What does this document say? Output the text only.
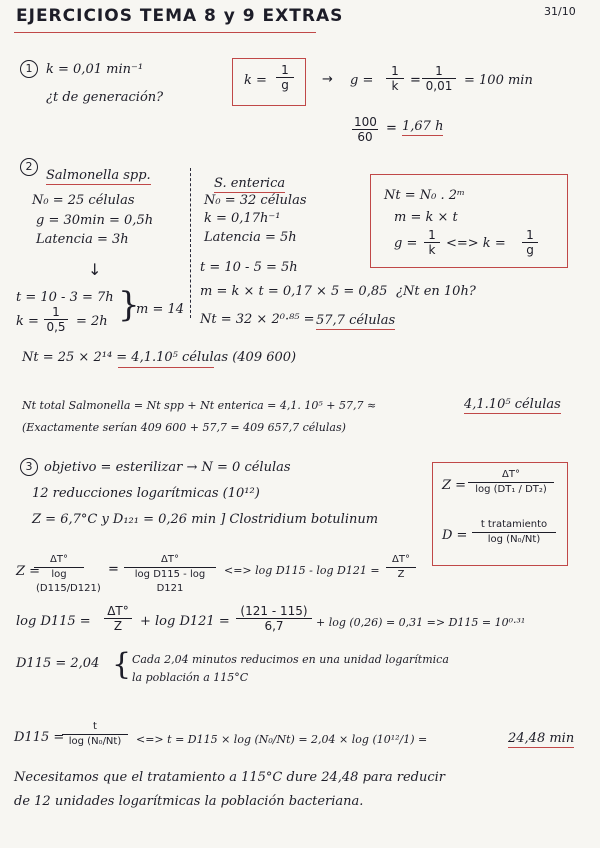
EJERCICIOS TEMA 8 y 9 EXTRAS	31/10
1	k = 0,01 min⁻¹
¿t de generación?
$k = \frac{1}{g} \to g = \frac{1}{k} = \frac{1}{0,01} = 100$ min
$\frac{100}{60} = 1,67$ h
2
Salmonella spp.
N₀ = 25 células
g = 30min = 0,5h
Latencia = 3h
↓
t = 10 - 3 = 7h
$k = \frac{1}{0,5} = 2h$ }
m = 14
S. enterica
N₀ = 32 células
k = 0,17h⁻¹
Latencia = 5h
t = 10 - 5 = 5h
m = k × t = 0,17 × 5 = 0,85
Nt = 32 × 2⁰·⁸⁵ = 57,7 células
Nt = N₀ . 2ᵐ
m = k × t
$g = \frac{1}{k}$ <=> $k = \frac{1}{g}$
¿Nt en 10h?
Nt = 25 × 2¹⁴ = 4,1.10⁵ células (409 600)
Nt total Salmonella = Nt spp + Nt enterica = 4,1. 10⁵ + 57,7 ≈	4,1.10⁵ células
(Exactamente serían 409 600 + 57,7 = 409 657,7 células)
3 objetivo = esterilizar → N = 0 células
12 reducciones logarítmicas (10¹²)
Z = 6,7°C y D₁₂₁ = 0,26 min ] Clostridium botulinum
$Z = \frac{\Delta T^\circ}{\text{log (DT₁ / DT₂)}}$
D =
t tratamiento
log (N₀/Nt)
Z =
$\frac{\Delta T^\circ}{\log (D115/D121)} = \frac{\Delta T^\circ}{\text{log D115 - log D121}}$ <=> $\log D115 - \log D121 = \frac{\Delta T^\circ}{Z}$
$\log D115 = \frac{\Delta T^\circ}{Z} + \log D121 = \frac{(121 - 115)}{6,7} + \log (0,26) = 0,31 => D115 = 10^0\cdot^{31}$
D115 = 2,04 { Cada 2,04 minutos reducimos en una unidad logarítmica
la población a 115°C
D115 =
$\frac{t}{\text{log (N₀/Nt)}}$ <=> t = D115 × log (N₀/Nt) = 2,04 × log (10¹²/1) =	24,48 min
Necesitamos que el tratamiento a 115°C dure 24,48 para reducir
de 12 unidades logarítmicas la población bacteriana.
